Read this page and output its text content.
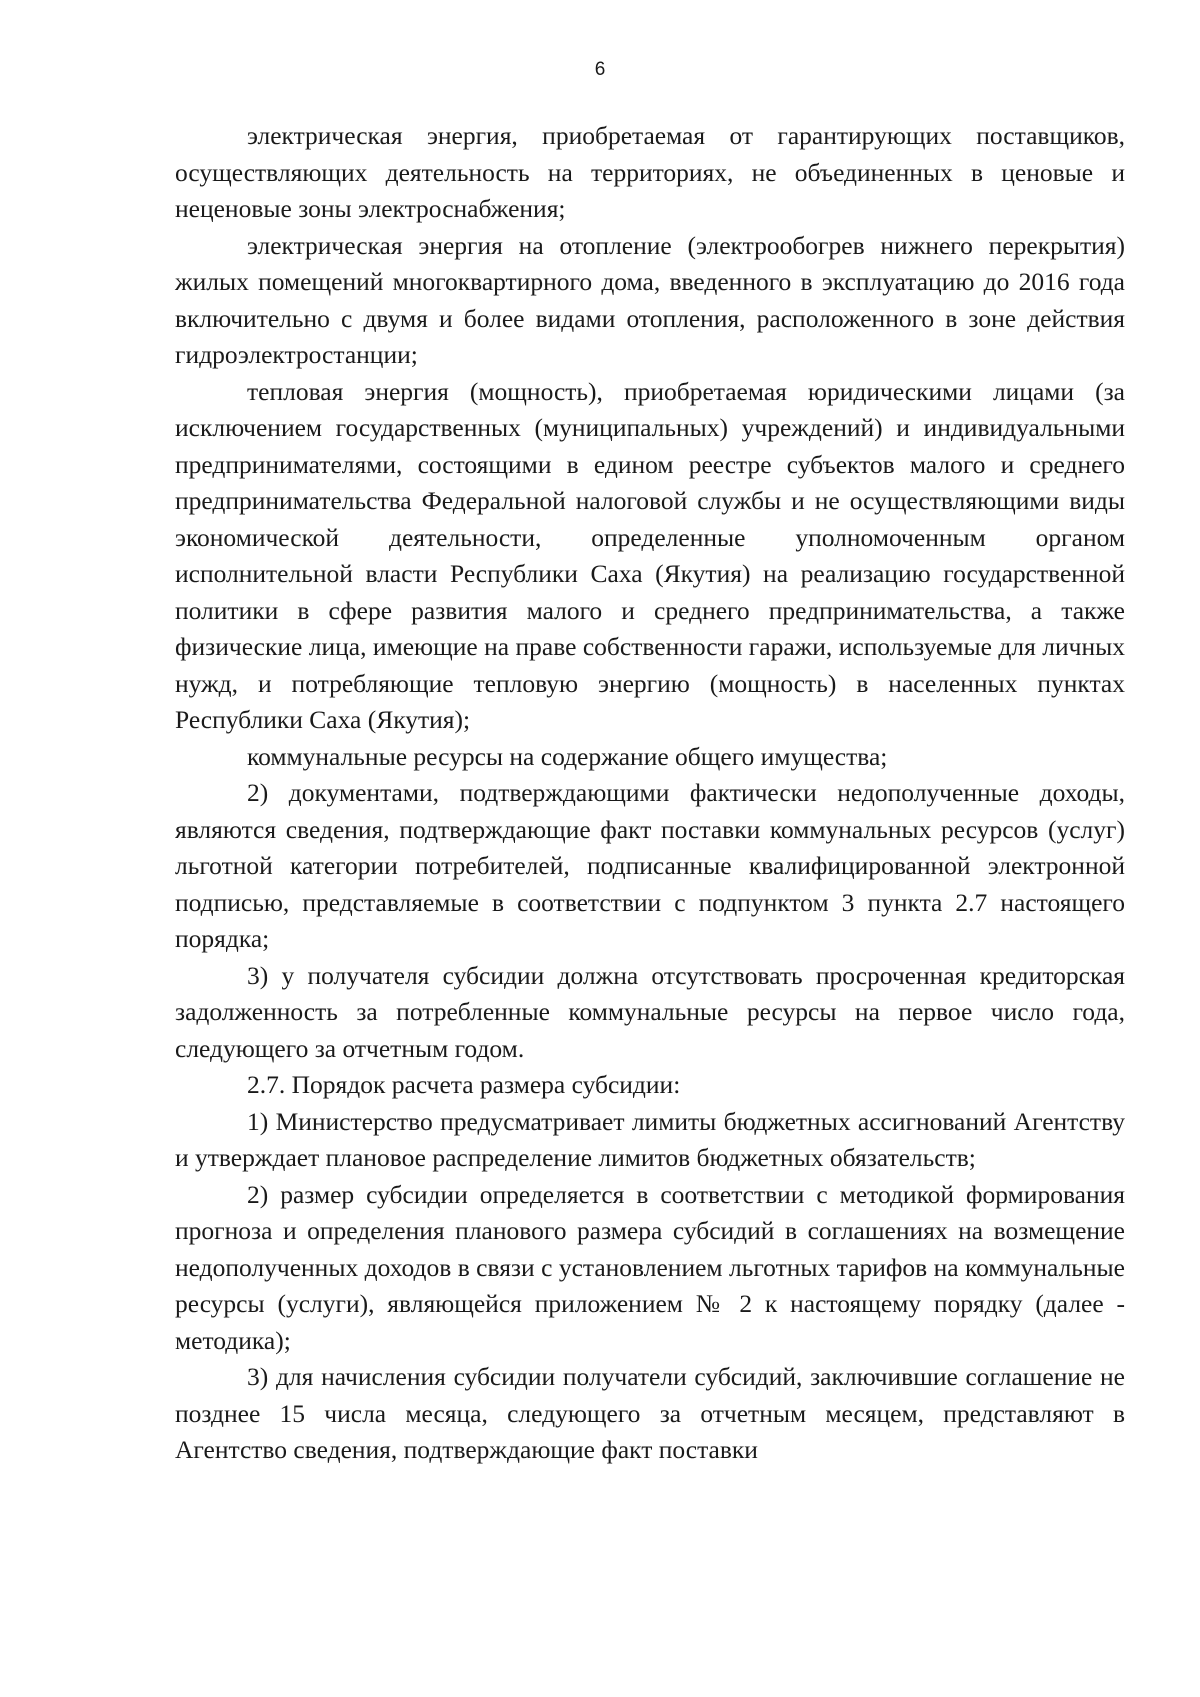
6

электрическая энергия, приобретаемая от гарантирующих поставщиков, осуществляющих деятельность на территориях, не объединенных в ценовые и неценовые зоны электроснабжения;

электрическая энергия на отопление (электрообогрев нижнего перекрытия) жилых помещений многоквартирного дома, введенного в эксплуатацию до 2016 года включительно с двумя и более видами отопления, расположенного в зоне действия гидроэлектростанции;

тепловая энергия (мощность), приобретаемая юридическими лицами (за исключением государственных (муниципальных) учреждений) и индивидуальными предпринимателями, состоящими в едином реестре субъектов малого и среднего предпринимательства Федеральной налоговой службы и не осуществляющими виды экономической деятельности, определенные уполномоченным органом исполнительной власти Республики Саха (Якутия) на реализацию государственной политики в сфере развития малого и среднего предпринимательства, а также физические лица, имеющие на праве собственности гаражи, используемые для личных нужд, и потребляющие тепловую энергию (мощность) в населенных пунктах Республики Саха (Якутия);

коммунальные ресурсы на содержание общего имущества;

2) документами, подтверждающими фактически недополученные доходы, являются сведения, подтверждающие факт поставки коммунальных ресурсов (услуг) льготной категории потребителей, подписанные квалифицированной электронной подписью, представляемые в соответствии с подпунктом 3 пункта 2.7 настоящего порядка;

3) у получателя субсидии должна отсутствовать просроченная кредиторская задолженность за потребленные коммунальные ресурсы на первое число года, следующего за отчетным годом.

2.7. Порядок расчета размера субсидии:

1) Министерство предусматривает лимиты бюджетных ассигнований Агентству и утверждает плановое распределение лимитов бюджетных обязательств;

2) размер субсидии определяется в соответствии с методикой формирования прогноза и определения планового размера субсидий в соглашениях на возмещение недополученных доходов в связи с установлением льготных тарифов на коммунальные ресурсы (услуги), являющейся приложением № 2 к настоящему порядку (далее - методика);

3) для начисления субсидии получатели субсидий, заключившие соглашение не позднее 15 числа месяца, следующего за отчетным месяцем, представляют в Агентство сведения, подтверждающие факт поставки
